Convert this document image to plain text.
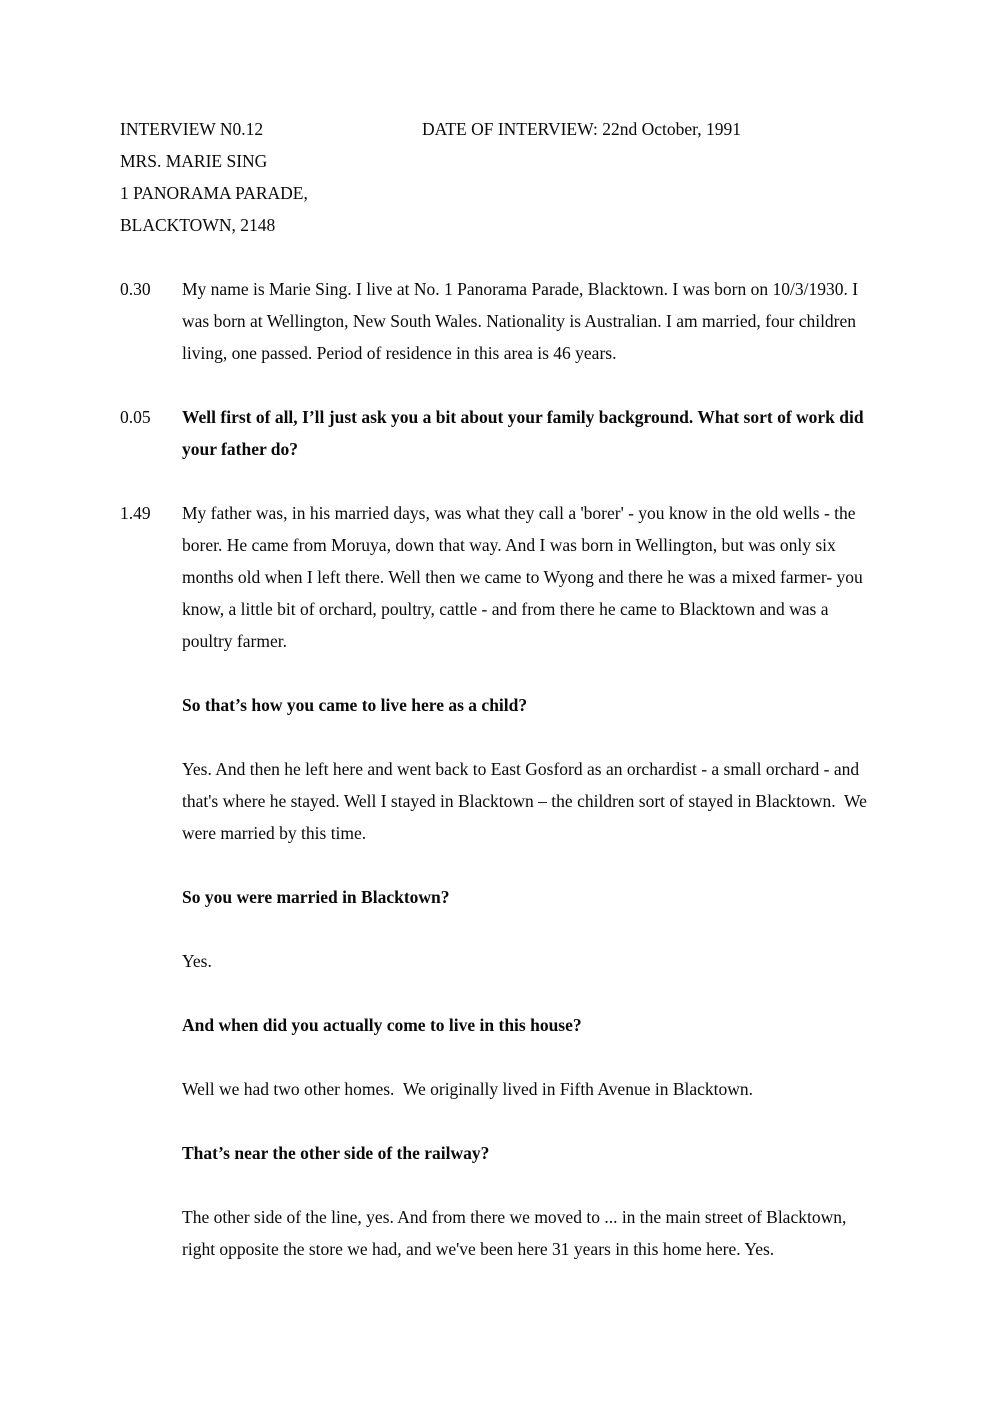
INTERVIEW N0.12	DATE OF INTERVIEW: 22nd October, 1991
MRS. MARIE SING
1 PANORAMA PARADE,
BLACKTOWN, 2148
0.30	My name is Marie Sing. I live at No. 1 Panorama Parade, Blacktown. I was born on 10/3/1930. I was born at Wellington, New South Wales. Nationality is Australian. I am married, four children living, one passed. Period of residence in this area is 46 years.
0.05	Well first of all, I’ll just ask you a bit about your family background. What sort of work did your father do?
1.49	My father was, in his married days, was what they call a 'borer' - you know in the old wells - the borer. He came from Moruya, down that way. And I was born in Wellington, but was only six months old when I left there. Well then we came to Wyong and there he was a mixed farmer- you know, a little bit of orchard, poultry, cattle - and from there he came to Blacktown and was a poultry farmer.
So that’s how you came to live here as a child?
Yes. And then he left here and went back to East Gosford as an orchardist - a small orchard - and that's where he stayed. Well I stayed in Blacktown – the children sort of stayed in Blacktown.  We were married by this time.
So you were married in Blacktown?
Yes.
And when did you actually come to live in this house?
Well we had two other homes.  We originally lived in Fifth Avenue in Blacktown.
That’s near the other side of the railway?
The other side of the line, yes. And from there we moved to ... in the main street of Blacktown, right opposite the store we had, and we've been here 31 years in this home here. Yes.
